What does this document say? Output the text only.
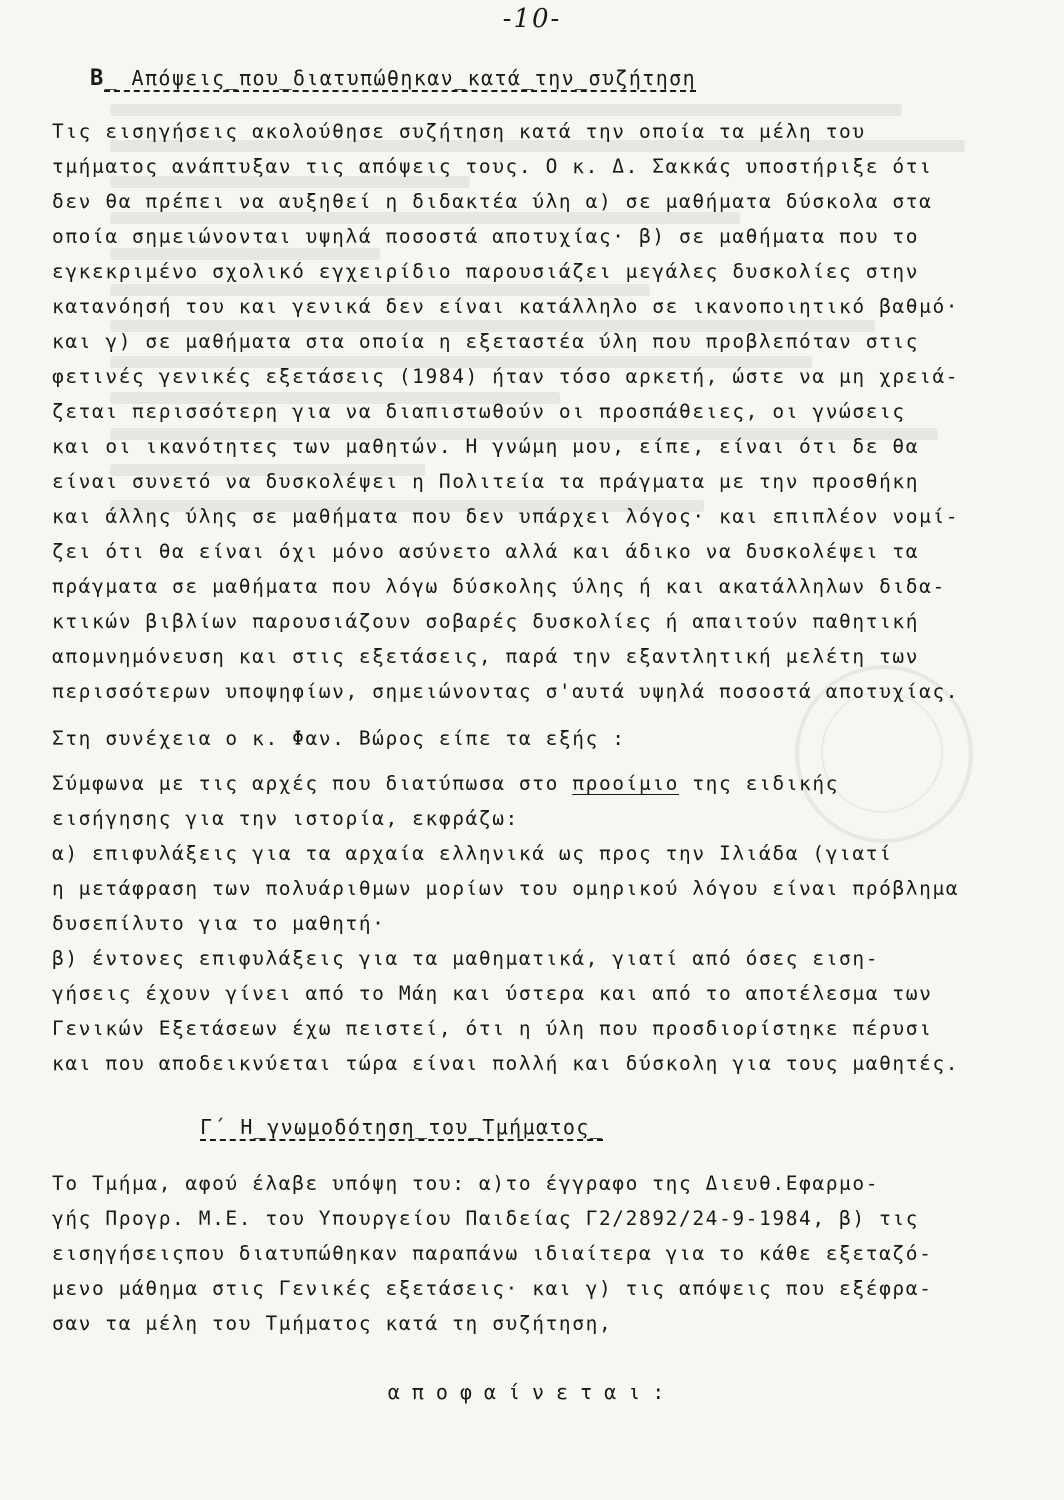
-10-
Β_ Απόψεις_που_διατυπώθηκαν_κατά_την_συζήτηση
Τις εισηγήσεις ακολούθησε συζήτηση κατά την οποία τα μέλη του
τμήματος ανάπτυξαν τις απόψεις τους. Ο κ. Δ. Σακκάς υποστήριξε ότι
δεν θα πρέπει να αυξηθεί η διδακτέα ύλη α) σε μαθήματα δύσκολα στα
οποία σημειώνονται υψηλά ποσοστά αποτυχίας· β) σε μαθήματα που το
εγκεκριμένο σχολικό εγχειρίδιο παρουσιάζει μεγάλες δυσκολίες στην
κατανόησή του και γενικά δεν είναι κατάλληλο σε ικανοποιητικό βαθμό·
και γ) σε μαθήματα στα οποία η εξεταστέα ύλη που προβλεπόταν στις
φετινές γενικές εξετάσεις (1984) ήταν τόσο αρκετή, ώστε να μη χρειά-
ζεται περισσότερη για να διαπιστωθούν οι προσπάθειες, οι γνώσεις
και οι ικανότητες των μαθητών. Η γνώμη μου, είπε, είναι ότι δε θα
είναι συνετό να δυσκολέψει η Πολιτεία τα πράγματα με την προσθήκη
και άλλης ύλης σε μαθήματα που δεν υπάρχει λόγος· και επιπλέον νομί-
ζει ότι θα είναι όχι μόνο ασύνετο αλλά και άδικο να δυσκολέψει τα
πράγματα σε μαθήματα που λόγω δύσκολης ύλης ή και ακατάλληλων διδα-
κτικών βιβλίων παρουσιάζουν σοβαρές δυσκολίες ή απαιτούν παθητική
απομνημόνευση και στις εξετάσεις, παρά την εξαντλητική μελέτη των
περισσότερων υποψηφίων, σημειώνοντας σ'αυτά υψηλά ποσοστά αποτυχίας.
Στη συνέχεια ο κ. Φαν. Βώρος είπε τα εξής :
Σύμφωνα με τις αρχές που διατύπωσα στο προοίμιο της ειδικής
εισήγησης για την ιστορία, εκφράζω:
α) επιφυλάξεις για τα αρχαία ελληνικά ως προς την Ιλιάδα (γιατί
η μετάφραση των πολυάριθμων μορίων του ομηρικού λόγου είναι πρόβλημα
δυσεπίλυτο για το μαθητή·
β) έντονες επιφυλάξεις για τα μαθηματικά, γιατί από όσες ειση-
γήσεις έχουν γίνει από το Μάη και ύστερα και από το αποτέλεσμα των
Γενικών Εξετάσεων έχω πειστεί, ότι η ύλη που προσδιορίστηκε πέρυσι
και που αποδεικνύεται τώρα είναι πολλή και δύσκολη για τους μαθητές.
Γ΄ Η_γνωμοδότηση_του_Τμήματος_
Το Τμήμα, αφού έλαβε υπόψη του: α)το έγγραφο της Διευθ.Εφαρμο-
γής Προγρ. Μ.Ε. του Υπουργείου Παιδείας Γ2/2892/24-9-1984, β) τις
εισηγήσειςπου διατυπώθηκαν παραπάνω ιδιαίτερα για το κάθε εξεταζό-
μενο μάθημα στις Γενικές εξετάσεις· και γ) τις απόψεις που εξέφρα-
σαν τα μέλη του Τμήματος κατά τη συζήτηση,
αποφαίνεται:
